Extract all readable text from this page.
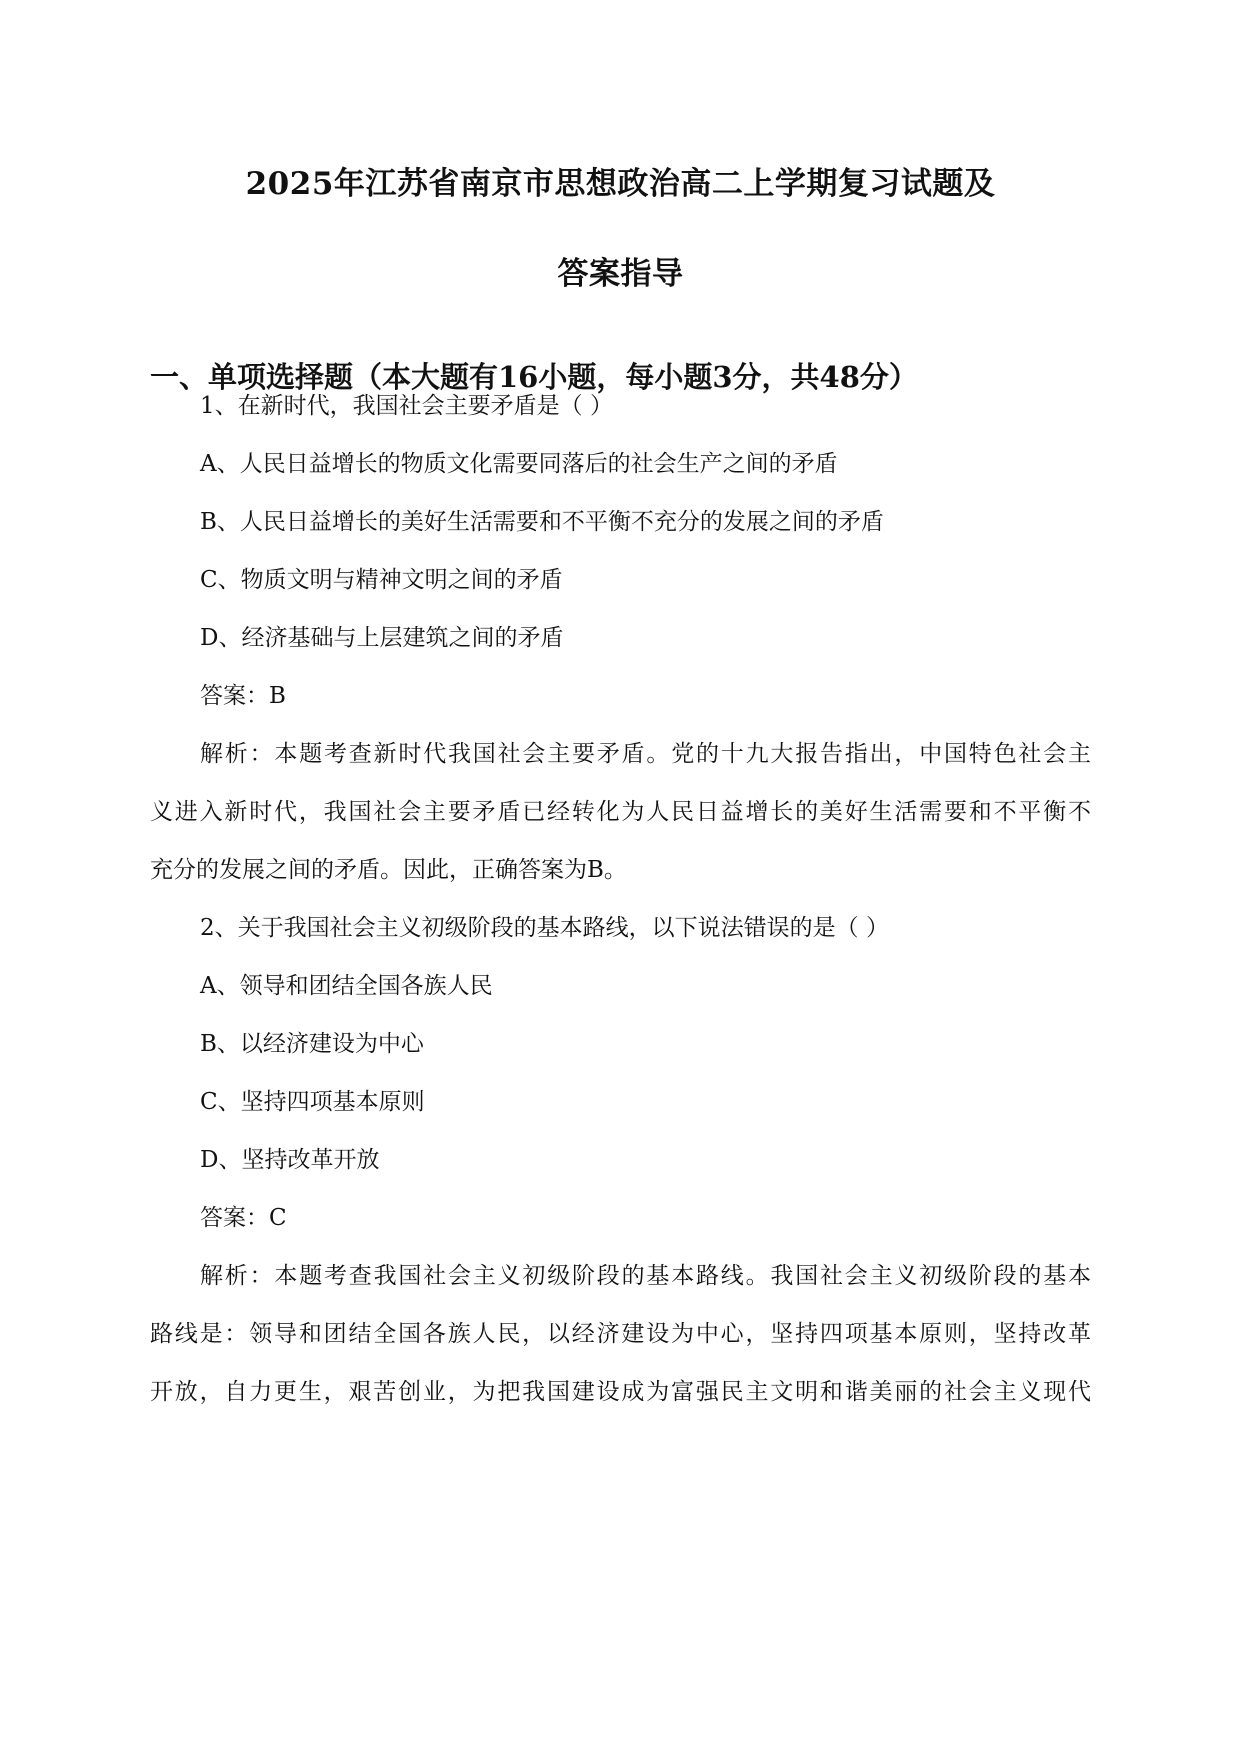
2025年江苏省南京市思想政治高二上学期复习试题及
答案指导
一、单项选择题（本大题有16小题，每小题3分，共48分）
1、在新时代，我国社会主要矛盾是（ ）
A、人民日益增长的物质文化需要同落后的社会生产之间的矛盾
B、人民日益增长的美好生活需要和不平衡不充分的发展之间的矛盾
C、物质文明与精神文明之间的矛盾
D、经济基础与上层建筑之间的矛盾
答案：B
解析：本题考查新时代我国社会主要矛盾。党的十九大报告指出，中国特色社会主
义进入新时代，我国社会主要矛盾已经转化为人民日益增长的美好生活需要和不平衡不
充分的发展之间的矛盾。因此，正确答案为B。
2、关于我国社会主义初级阶段的基本路线，以下说法错误的是（ ）
A、领导和团结全国各族人民
B、以经济建设为中心
C、坚持四项基本原则
D、坚持改革开放
答案：C
解析：本题考查我国社会主义初级阶段的基本路线。我国社会主义初级阶段的基本
路线是：领导和团结全国各族人民，以经济建设为中心，坚持四项基本原则，坚持改革
开放，自力更生，艰苦创业，为把我国建设成为富强民主文明和谐美丽的社会主义现代
